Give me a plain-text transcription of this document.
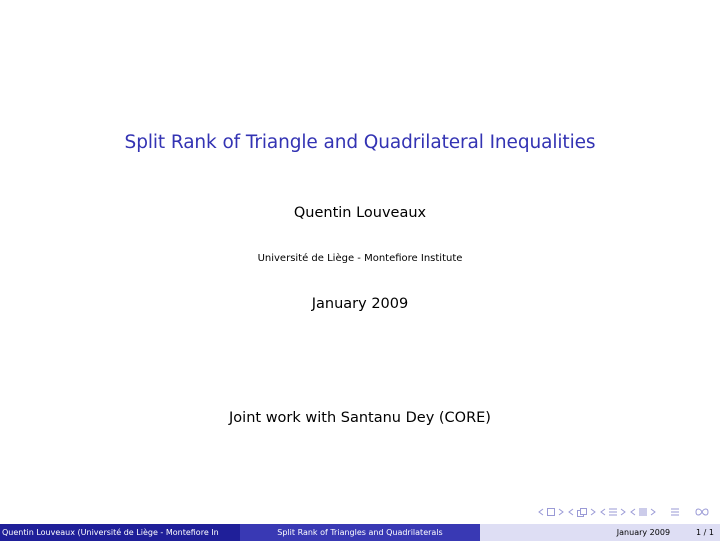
Split Rank of Triangle and Quadrilateral Inequalities
Quentin Louveaux
Université de Liège - Montefiore Institute
January 2009
Joint work with Santanu Dey (CORE)
Quentin Louveaux (Université de Liège - Montefiore In	Split Rank of Triangles and Quadrilaterals	January 2009	1 / 1
